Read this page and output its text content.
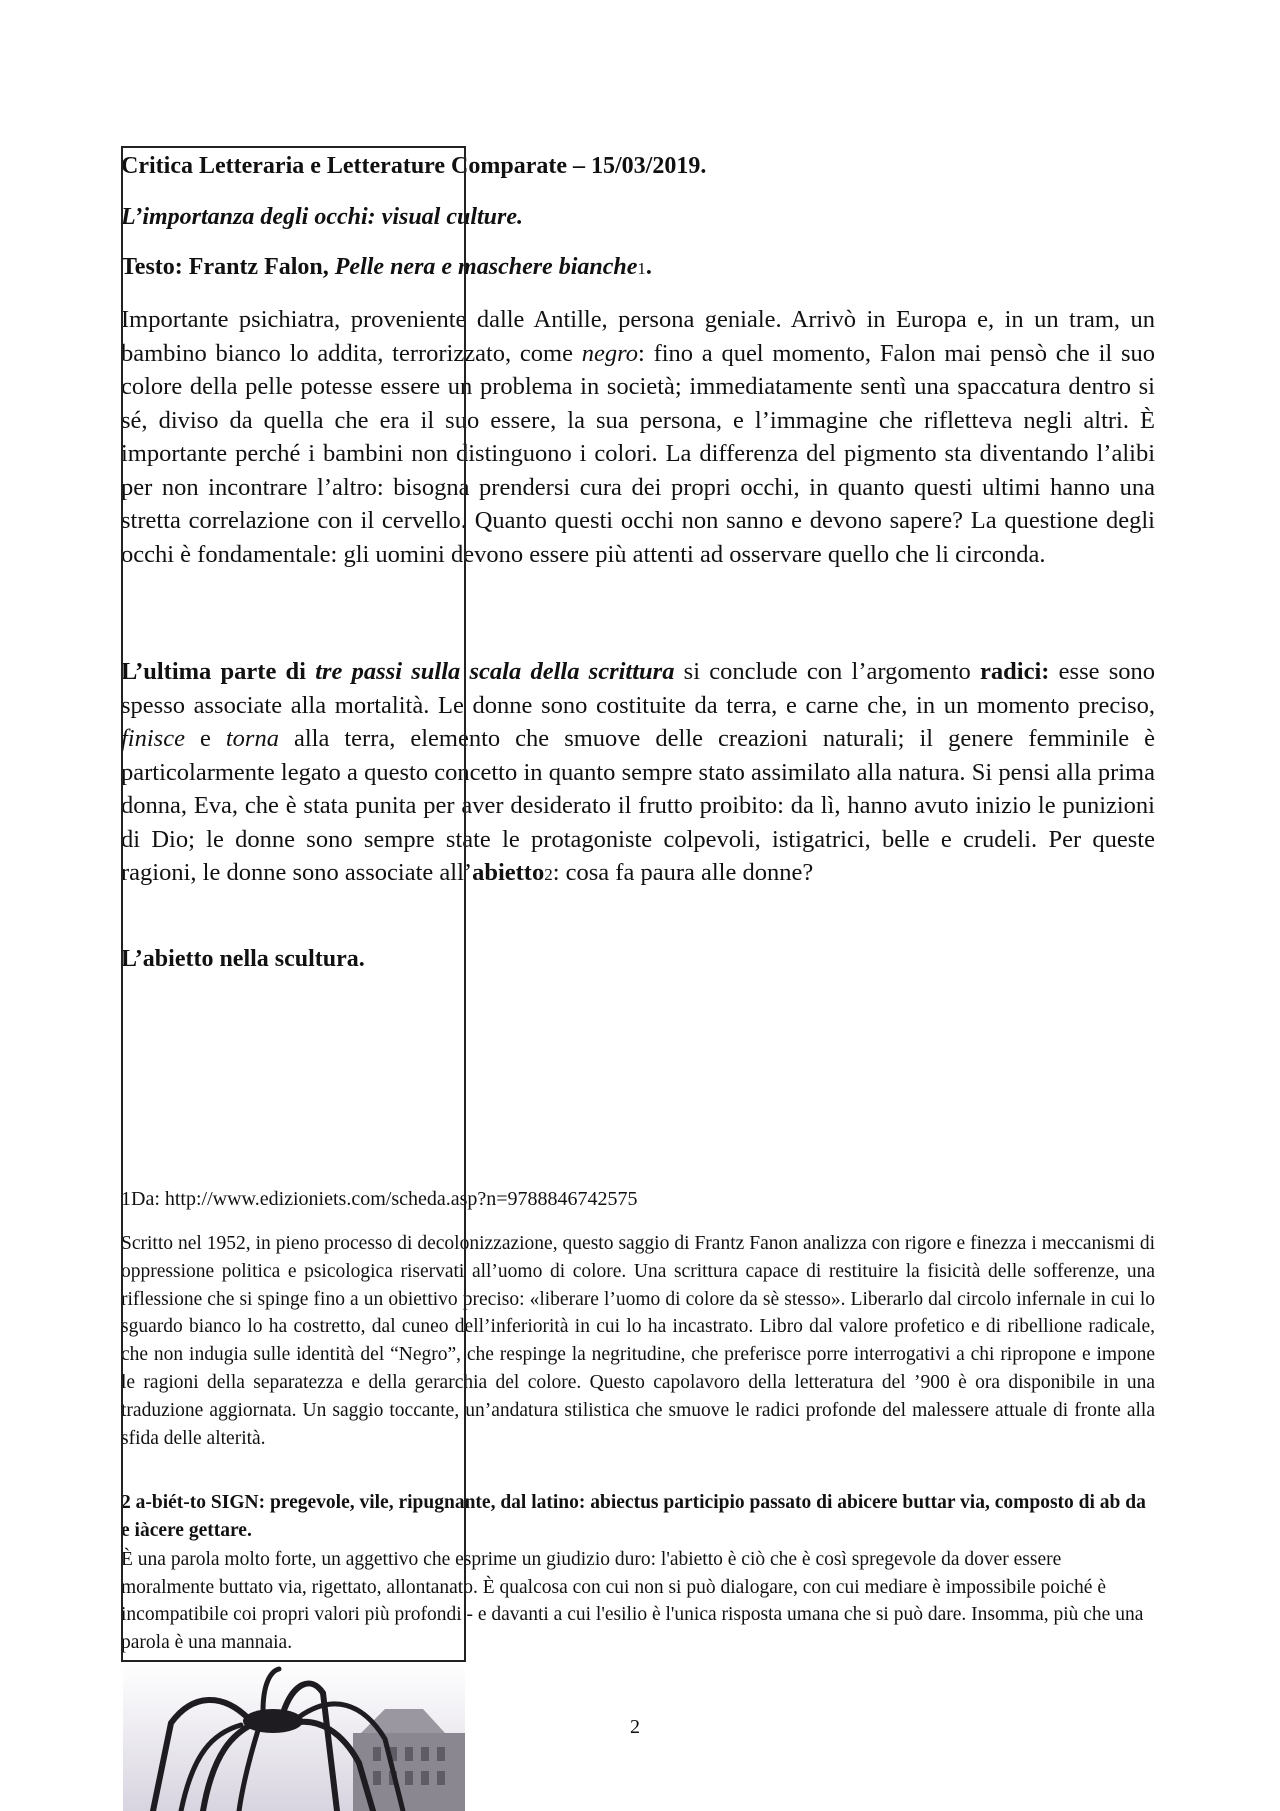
Critica Letteraria e Letterature Comparate – 15/03/2019.

L’importanza degli occhi: visual culture.

Testo: Frantz Falon, Pelle nera e maschere bianche1.

Importante psichiatra, proveniente dalle Antille, persona geniale. Arrivò in Europa e, in un tram, un bambino bianco lo addita, terrorizzato, come negro: fino a quel momento, Falon mai pensò che il suo colore della pelle potesse essere un problema in società; immediatamente sentì una spaccatura dentro si sé, diviso da quella che era il suo essere, la sua persona, e l’immagine che rifletteva negli altri. È importante perché i bambini non distinguono i colori. La differenza del pigmento sta diventando l’alibi per non incontrare l’altro: bisogna prendersi cura dei propri occhi, in quanto questi ultimi hanno una stretta correlazione con il cervello. Quanto questi occhi non sanno e devono sapere? La questione degli occhi è fondamentale: gli uomini devono essere più attenti ad osservare quello che li circonda.

L’ultima parte di tre passi sulla scala della scrittura si conclude con l’argomento radici: esse sono spesso associate alla mortalità. Le donne sono costituite da terra, e carne che, in un momento preciso, finisce e torna alla terra, elemento che smuove delle creazioni naturali; il genere femminile è particolarmente legato a questo concetto in quanto sempre stato assimilato alla natura. Si pensi alla prima donna, Eva, che è stata punita per aver desiderato il frutto proibito: da lì, hanno avuto inizio le punizioni di Dio; le donne sono sempre state le protagoniste colpevoli, istigatrici, belle e crudeli. Per queste ragioni, le donne sono associate all’abietto2: cosa fa paura alle donne?

L’abietto nella scultura.

1Da: http://www.edizioniets.com/scheda.asp?n=9788846742575

Scritto nel 1952, in pieno processo di decolonizzazione, questo saggio di Frantz Fanon analizza con rigore e finezza i meccanismi di oppressione politica e psicologica riservati all’uomo di colore. Una scrittura capace di restituire la fisicità delle sofferenze, una riflessione che si spinge fino a un obiettivo preciso: «liberare l’uomo di colore da sè stesso». Liberarlo dal circolo infernale in cui lo sguardo bianco lo ha costretto, dal cuneo dell’inferiorità in cui lo ha incastrato. Libro dal valore profetico e di ribellione radicale, che non indugia sulle identità del “Negro”, che respinge la negritudine, che preferisce porre interrogativi a chi ripropone e impone le ragioni della separatezza e della gerarchia del colore. Questo capolavoro della letteratura del ’900 è ora disponibile in una traduzione aggiornata. Un saggio toccante, un’andatura stilistica che smuove le radici profonde del malessere attuale di fronte alla sfida delle alterità.

2 a-biét-to SIGN: pregevole, vile, ripugnante, dal latino: abiectus participio passato di abicere buttar via, composto di ab da e iàcere gettare.

È una parola molto forte, un aggettivo che esprime un giudizio duro: l'abietto è ciò che è così spregevole da dover essere moralmente buttato via, rigettato, allontanato. È qualcosa con cui non si può dialogare, con cui mediare è impossibile poiché è incompatibile coi propri valori più profondi - e davanti a cui l'esilio è l'unica risposta umana che si può dare. Insomma, più che una parola è una mannaia.

2
